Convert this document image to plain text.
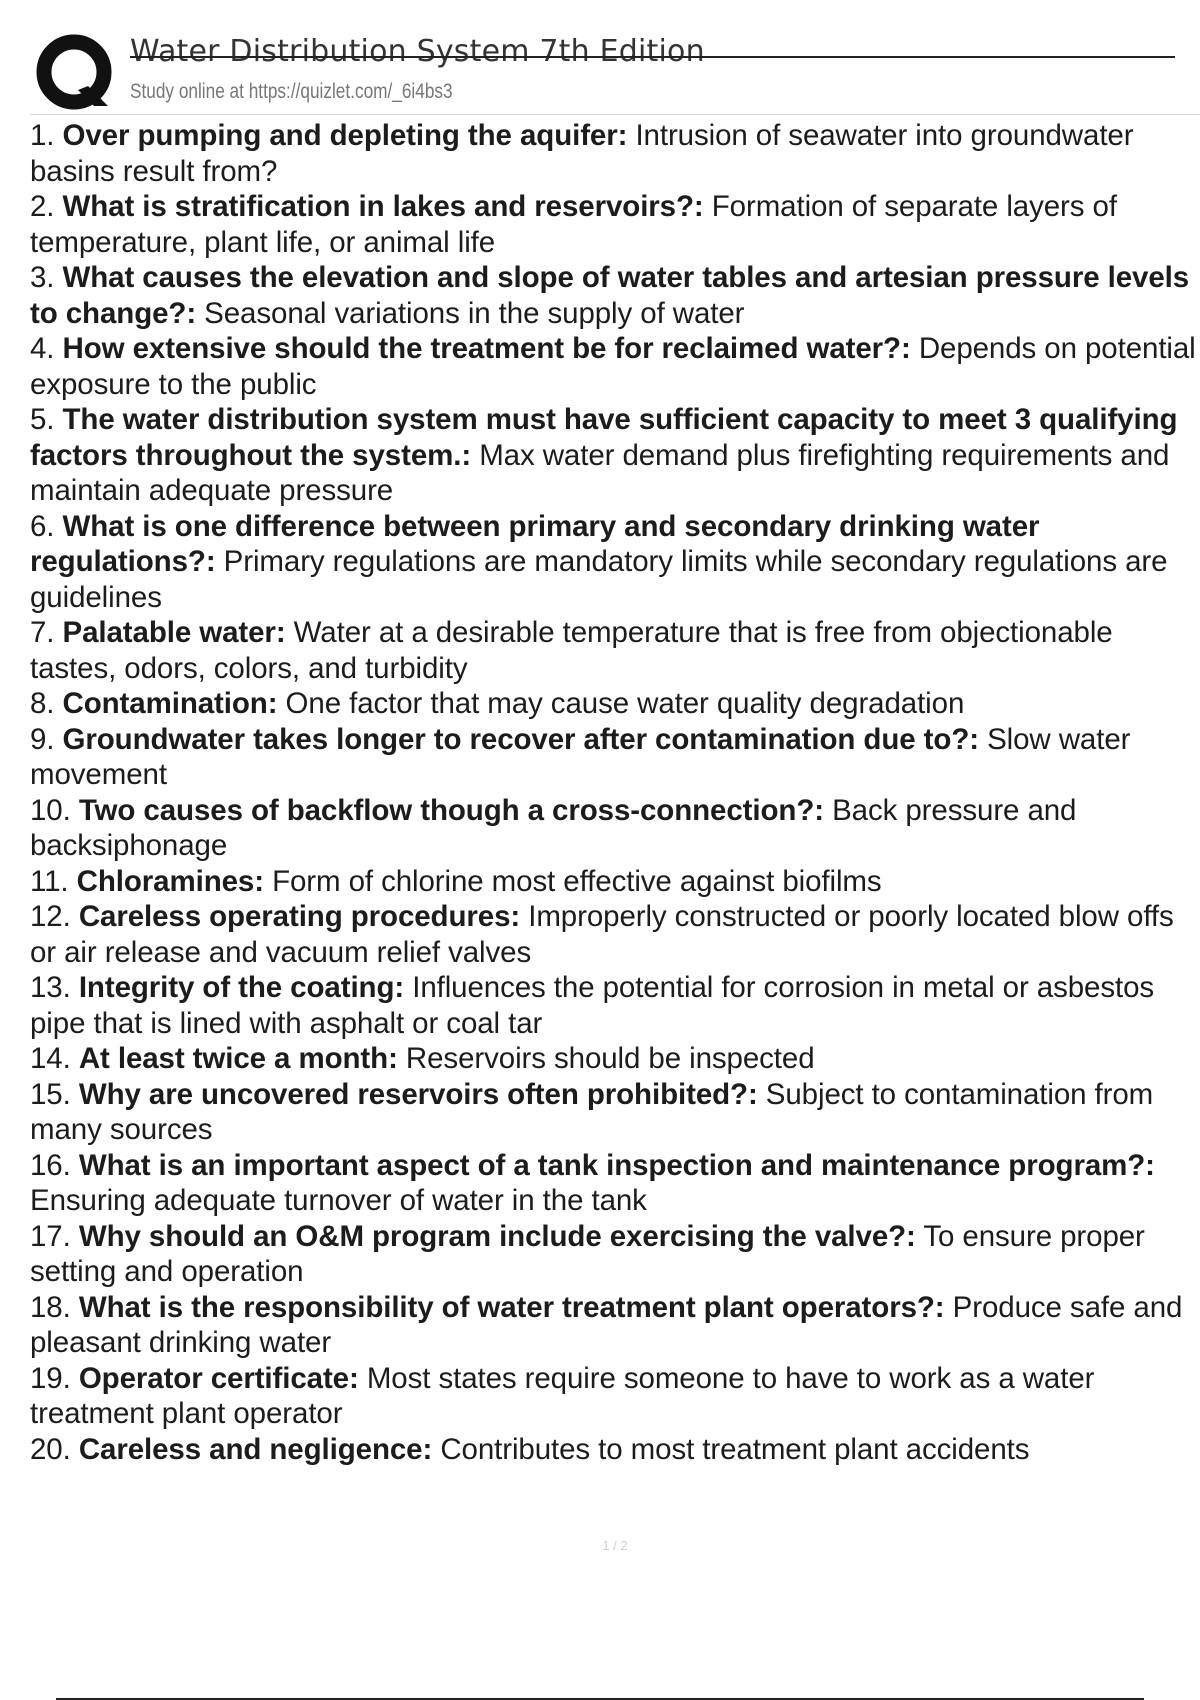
Water Distribution System 7th Edition
Study online at https://quizlet.com/_6i4bs3
1. Over pumping and depleting the aquifer: Intrusion of seawater into groundwater basins result from?
2. What is stratification in lakes and reservoirs?: Formation of separate layers of temperature, plant life, or animal life
3. What causes the elevation and slope of water tables and artesian pressure levels to change?: Seasonal variations in the supply of water
4. How extensive should the treatment be for reclaimed water?: Depends on potential exposure to the public
5. The water distribution system must have sufficient capacity to meet 3 qualifying factors throughout the system.: Max water demand plus firefighting requirements and maintain adequate pressure
6. What is one difference between primary and secondary drinking water regulations?: Primary regulations are mandatory limits while secondary regulations are guidelines
7. Palatable water: Water at a desirable temperature that is free from objectionable tastes, odors, colors, and turbidity
8. Contamination: One factor that may cause water quality degradation
9. Groundwater takes longer to recover after contamination due to?: Slow water movement
10. Two causes of backflow though a cross-connection?: Back pressure and backsiphonage
11. Chloramines: Form of chlorine most effective against biofilms
12. Careless operating procedures: Improperly constructed or poorly located blow offs or air release and vacuum relief valves
13. Integrity of the coating: Influences the potential for corrosion in metal or asbestos pipe that is lined with asphalt or coal tar
14. At least twice a month: Reservoirs should be inspected
15. Why are uncovered reservoirs often prohibited?: Subject to contamination from many sources
16. What is an important aspect of a tank inspection and maintenance program?: Ensuring adequate turnover of water in the tank
17. Why should an O&M program include exercising the valve?: To ensure proper setting and operation
18. What is the responsibility of water treatment plant operators?: Produce safe and pleasant drinking water
19. Operator certificate: Most states require someone to have to work as a water treatment plant operator
20. Careless and negligence: Contributes to most treatment plant accidents
1 / 2
